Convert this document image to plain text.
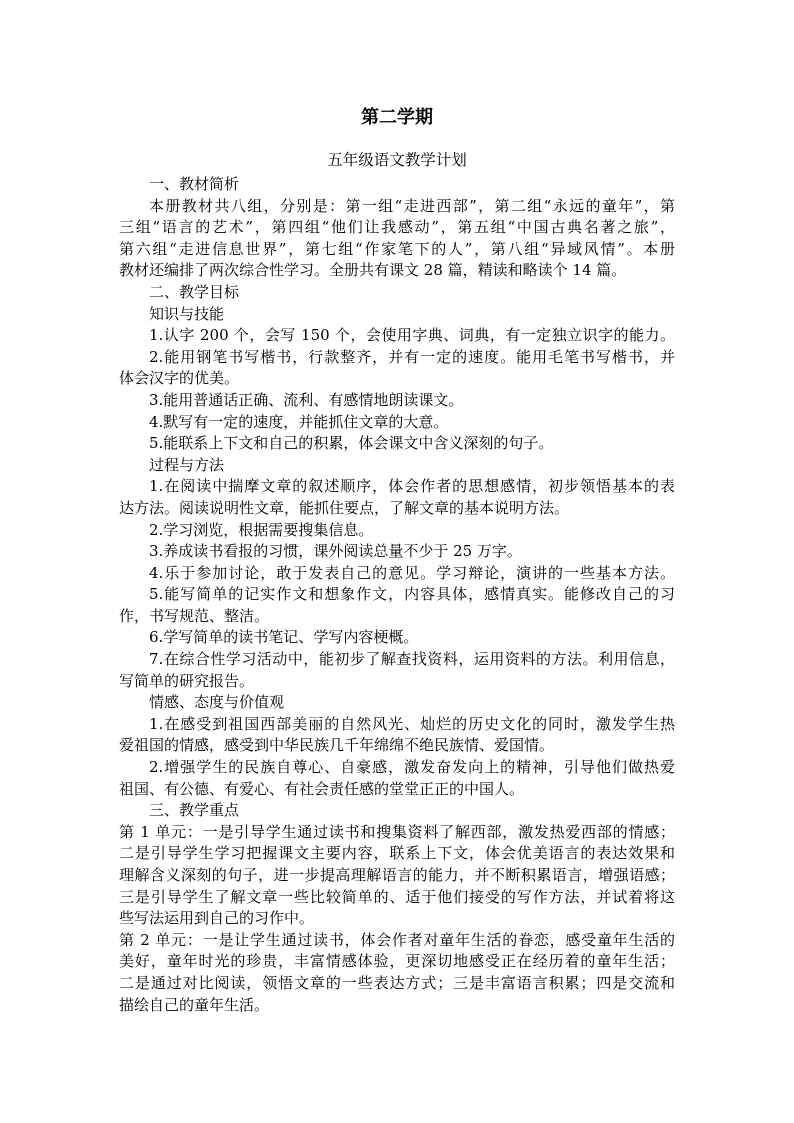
第二学期
五年级语文教学计划
一、教材简析
本册教材共八组，分别是：第一组“走进西部”，第二组“永远的童年”，第
三组“语言的艺术”，第四组“他们让我感动”，第五组“中国古典名著之旅”，
第六组“走进信息世界”，第七组“作家笔下的人”，第八组“异域风情”。本册
教材还编排了两次综合性学习。全册共有课文 28 篇，精读和略读个 14 篇。
二、教学目标
知识与技能
1.认字 200 个，会写 150 个，会使用字典、词典，有一定独立识字的能力。
2.能用钢笔书写楷书，行款整齐，并有一定的速度。能用毛笔书写楷书，并
体会汉字的优美。
3.能用普通话正确、流利、有感情地朗读课文。
4.默写有一定的速度，并能抓住文章的大意。
5.能联系上下文和自己的积累，体会课文中含义深刻的句子。
过程与方法
1.在阅读中揣摩文章的叙述顺序，体会作者的思想感情，初步领悟基本的表
达方法。阅读说明性文章，能抓住要点，了解文章的基本说明方法。
2.学习浏览，根据需要搜集信息。
3.养成读书看报的习惯，课外阅读总量不少于 25 万字。
4.乐于参加讨论，敢于发表自己的意见。学习辩论，演讲的一些基本方法。
5.能写简单的记实作文和想象作文，内容具体，感情真实。能修改自己的习
作，书写规范、整洁。
6.学写简单的读书笔记、学写内容梗概。
7.在综合性学习活动中，能初步了解查找资料，运用资料的方法。利用信息，
写简单的研究报告。
情感、态度与价值观
1.在感受到祖国西部美丽的自然风光、灿烂的历史文化的同时，激发学生热
爱祖国的情感，感受到中华民族几千年绵绵不绝民族情、爱国情。
2.增强学生的民族自尊心、自豪感，激发奋发向上的精神，引导他们做热爱
祖国、有公德、有爱心、有社会责任感的堂堂正正的中国人。
三、教学重点
第 1 单元：一是引导学生通过读书和搜集资料了解西部，激发热爱西部的情感；
二是引导学生学习把握课文主要内容，联系上下文，体会优美语言的表达效果和
理解含义深刻的句子，进一步提高理解语言的能力，并不断积累语言，增强语感；
三是引导学生了解文章一些比较简单的、适于他们接受的写作方法，并试着将这
些写法运用到自己的习作中。
第 2 单元：一是让学生通过读书，体会作者对童年生活的眷恋，感受童年生活的
美好，童年时光的珍贵，丰富情感体验，更深切地感受正在经历着的童年生活；
二是通过对比阅读，领悟文章的一些表达方式；三是丰富语言积累；四是交流和
描绘自己的童年生活。
